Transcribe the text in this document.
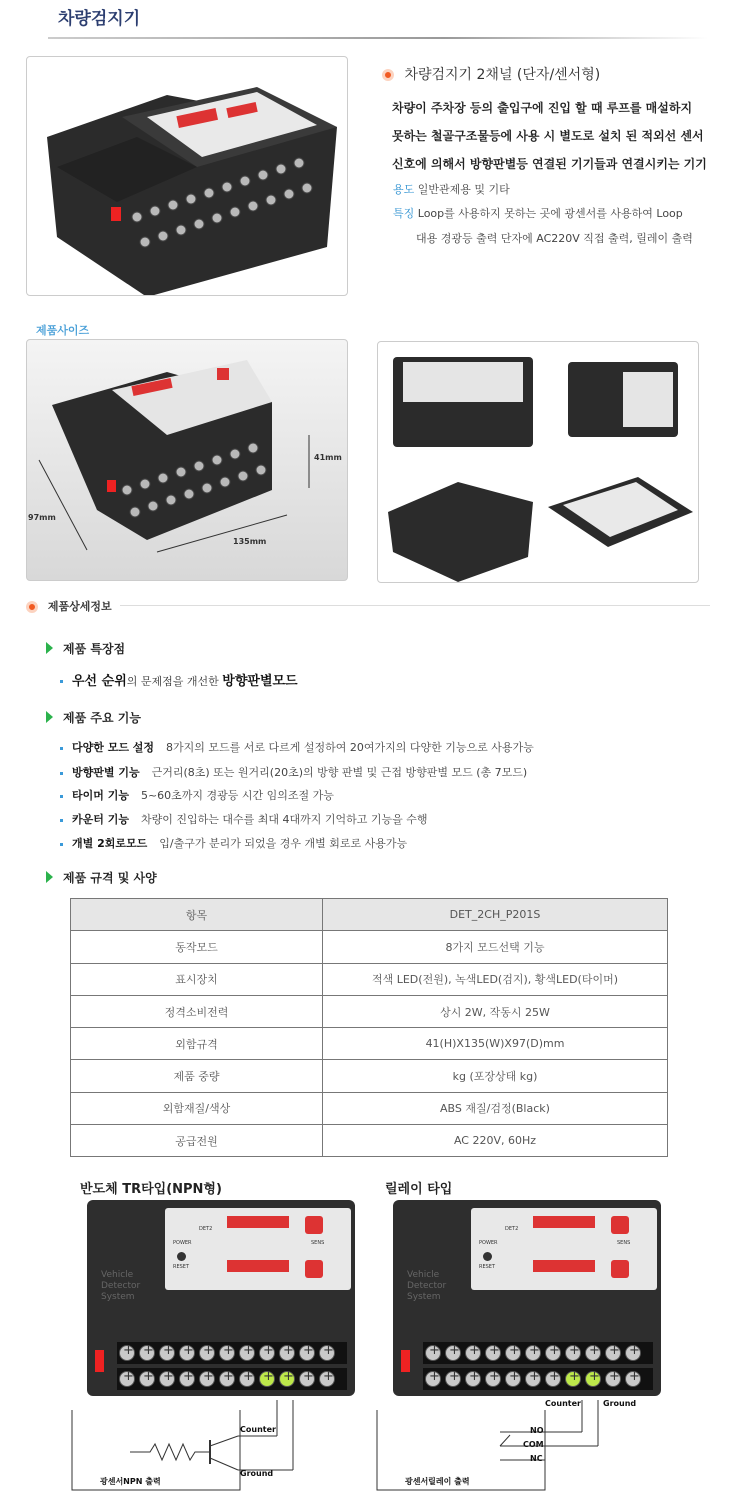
차량검지기
차량검지기 2채널 (단자/센서형)
차량이 주차장 등의 출입구에 진입 할 때 루프를 매설하지
못하는 철골구조물등에 사용 시 별도로 설치 된 적외선 센서
신호에 의해서 방향판별등 연결된 기기들과 연결시키는 기기
용도 일반관제용 및 기타
특징 Loop를 사용하지 못하는 곳에 광센서를 사용하여 Loop
대용 경광등 출력 단자에 AC220V 직접 출력, 릴레이 출력
제품사이즈
41mm
97mm
135mm
제품상세정보
제품 특장점
우선 순위의 문제점을 개선한 방향판별모드
제품 주요 기능
다양한 모드 설정 8가지의 모드를 서로 다르게 설정하여 20여가지의 다양한 기능으로 사용가능
방향판별 기능 근거리(8초) 또는 원거리(20초)의 방향 판별 및 근접 방향판별 모드 (총 7모드)
타이머 기능 5~60초까지 경광등 시간 임의조절 가능
카운터 기능 차량이 진입하는 대수를 최대 4대까지 기억하고 기능을 수행
개별 2회로모드 입/출구가 분리가 되었을 경우 개별 회로로 사용가능
제품 규격 및 사양
항목	DET_2CH_P201S
동작모드	8가지 모드선택 기능
표시장치	적색 LED(전원), 녹색LED(검지), 황색LED(타이머)
정격소비전력	상시 2W, 작동시 25W
외함규격	41(H)X135(W)X97(D)mm
제품 중량	kg (포장상태 kg)
외함재질/색상	ABS 재질/검정(Black)
공급전원	AC 220V, 60Hz
반도체 TR타입(NPN형)	릴레이 타입
Vehicle
Detector
System
DET2
POWER
RESET
SENS
+++++++++++
+++++++++++
Vehicle
Detector
System
DET2
POWER
RESET
SENS
+++++++++++
+++++++++++
Counter
Ground
Counter	Ground
NO
COM
NC
광센서NPN 출력	광센서릴레이 출력
